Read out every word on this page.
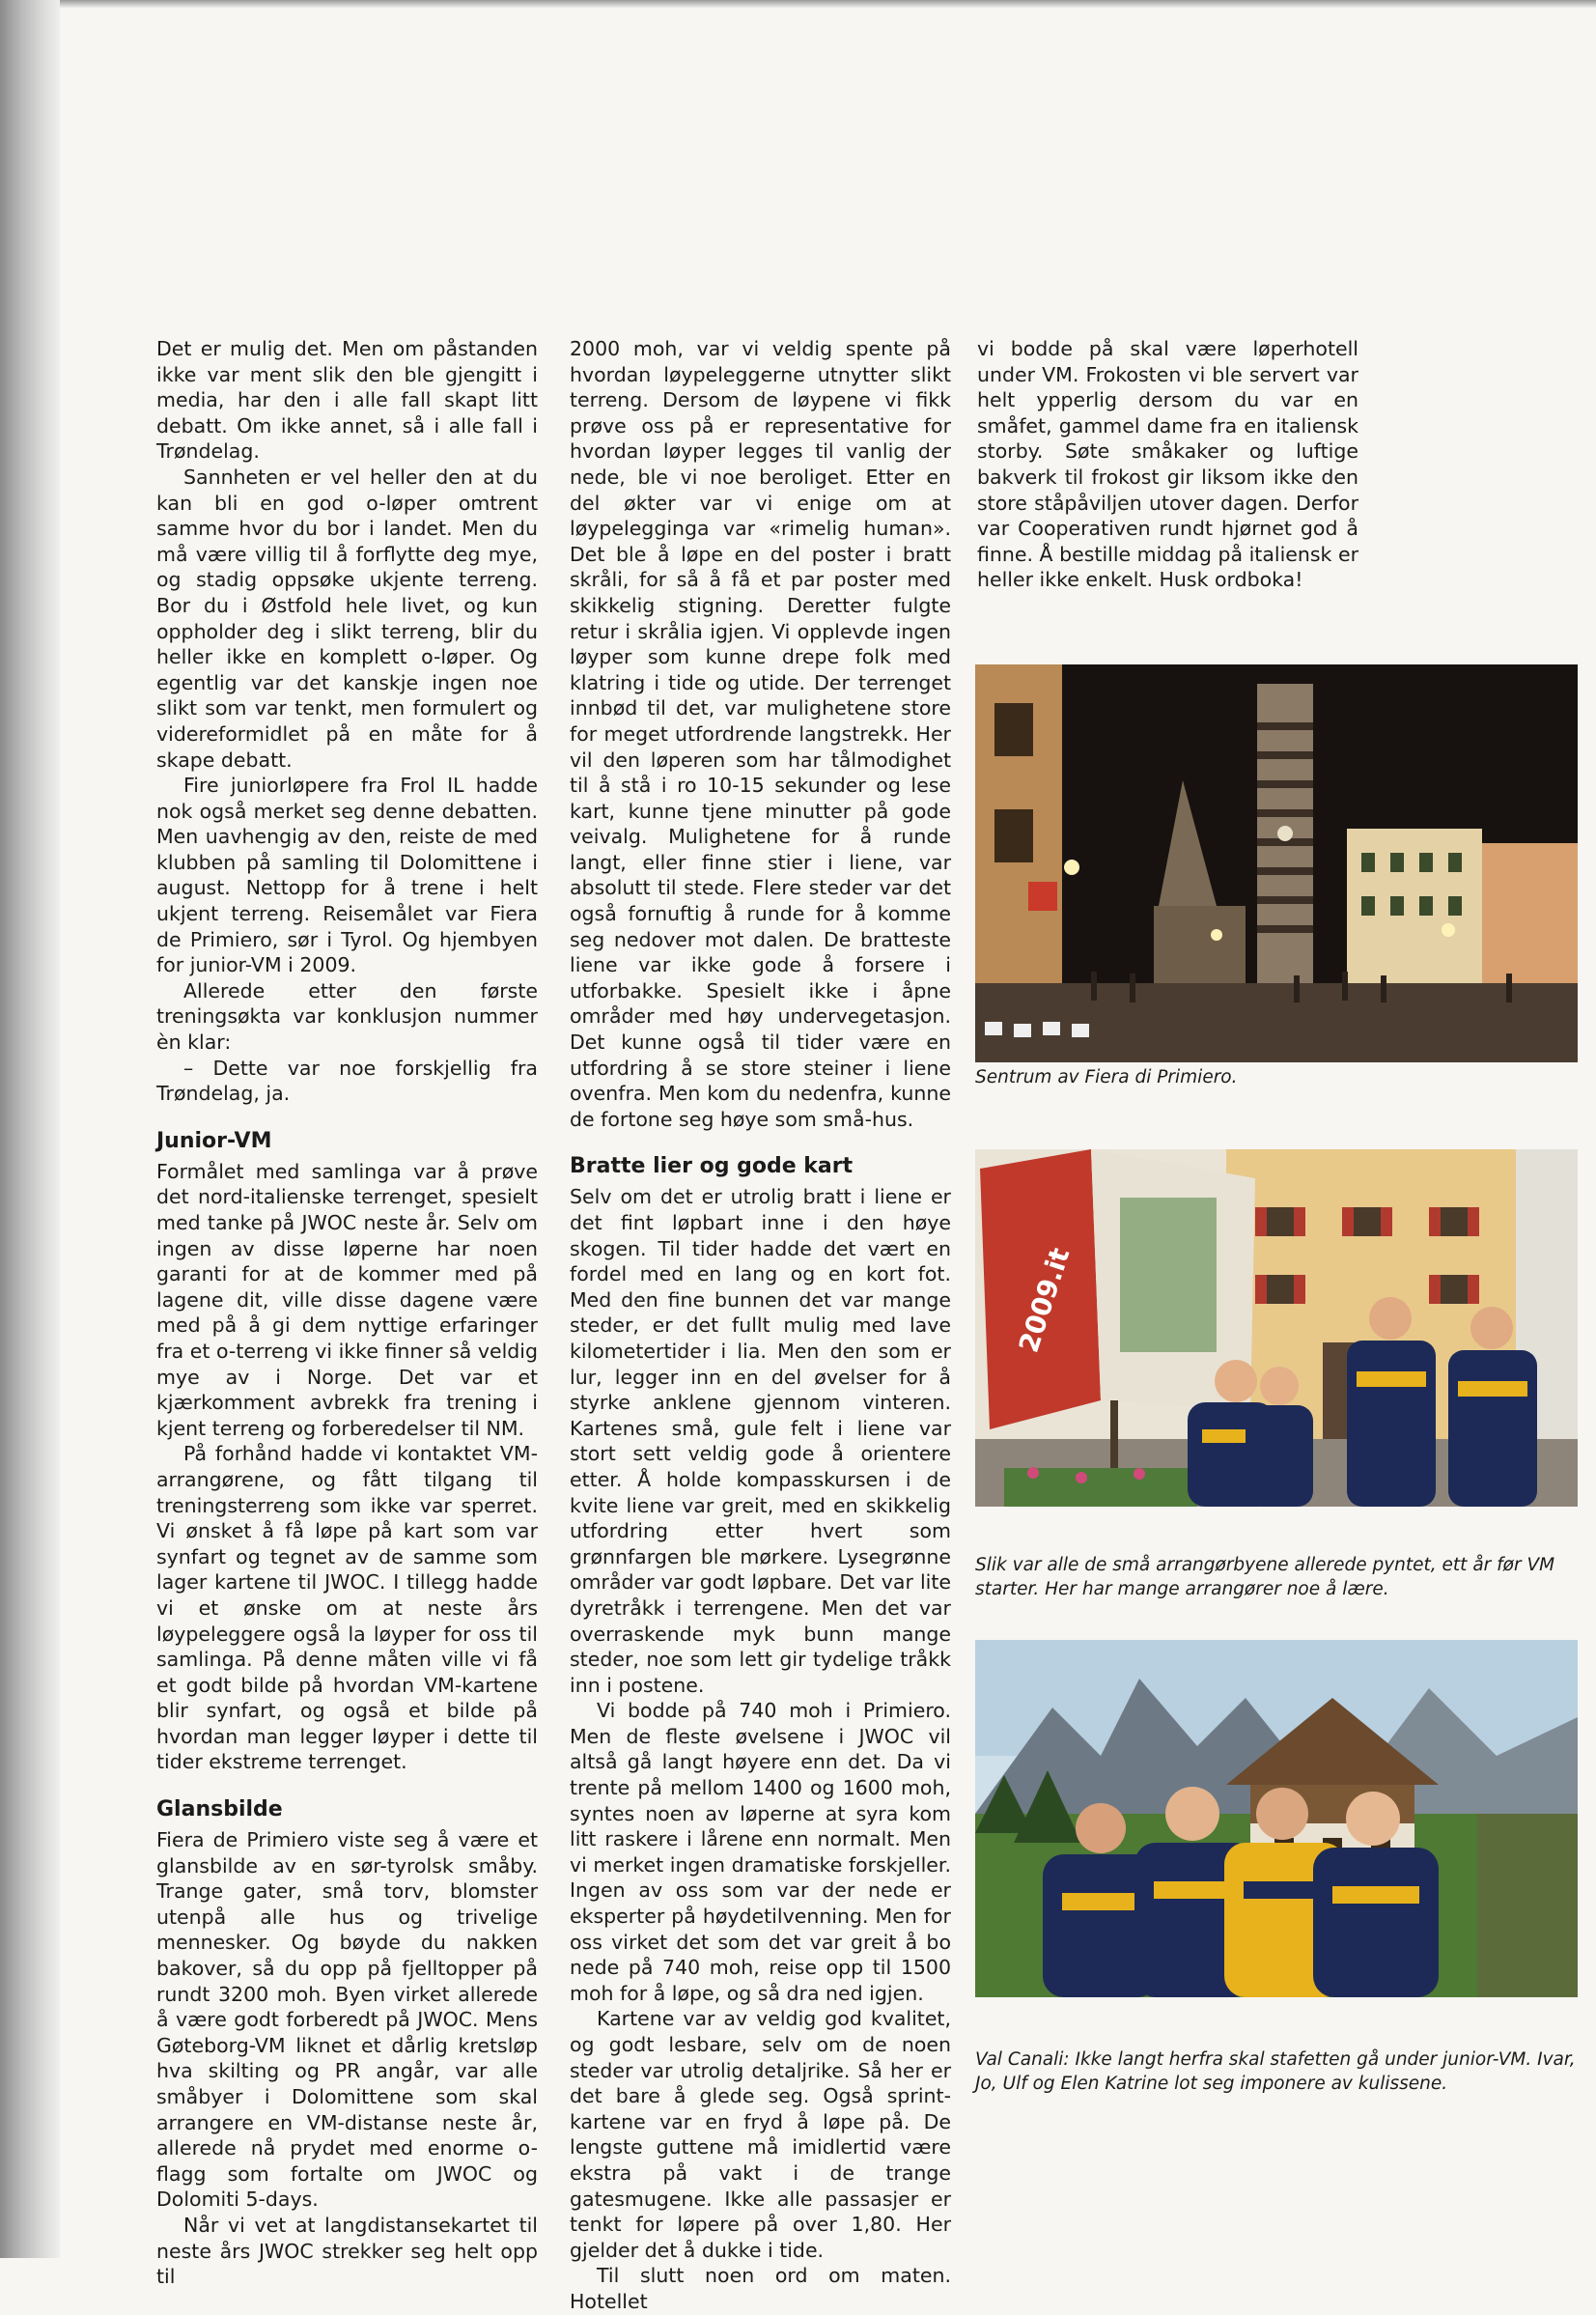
Det er mulig det. Men om påstanden ikke var ment slik den ble gjengitt i media, har den i alle fall skapt litt debatt. Om ikke annet, så i alle fall i Trøndelag.

Sannheten er vel heller den at du kan bli en god o-løper omtrent samme hvor du bor i landet. Men du må være villig til å forflytte deg mye, og stadig oppsøke ukjente terreng. Bor du i Østfold hele livet, og kun oppholder deg i slikt terreng, blir du heller ikke en komplett o-løper. Og egentlig var det kanskje ingen noe slikt som var tenkt, men formulert og videreformidlet på en måte for å skape debatt.

Fire juniorløpere fra Frol IL hadde nok også merket seg denne debatten. Men uavhengig av den, reiste de med klubben på samling til Dolomittene i august. Nettopp for å trene i helt ukjent terreng. Reisemålet var Fiera de Primiero, sør i Tyrol. Og hjembyen for junior-VM i 2009.

Allerede etter den første treningsøkta var konklusjon nummer èn klar:

– Dette var noe forskjellig fra Trøndelag, ja.

Junior-VM

Formålet med samlinga var å prøve det nord-italienske terrenget, spesielt med tanke på JWOC neste år. Selv om ingen av disse løperne har noen garanti for at de kommer med på lagene dit, ville disse dagene være med på å gi dem nyttige erfaringer fra et o-terreng vi ikke finner så veldig mye av i Norge. Det var et kjærkomment avbrekk fra trening i kjent terreng og forberedelser til NM.

På forhånd hadde vi kontaktet VM-arrangørene, og fått tilgang til treningsterreng som ikke var sperret. Vi ønsket å få løpe på kart som var synfart og tegnet av de samme som lager kartene til JWOC. I tillegg hadde vi et ønske om at neste års løypeleggere også la løyper for oss til samlinga. På denne måten ville vi få et godt bilde på hvordan VM-kartene blir synfart, og også et bilde på hvordan man legger løyper i dette til tider ekstreme terrenget.

Glansbilde

Fiera de Primiero viste seg å være et glansbilde av en sør-tyrolsk småby. Trange gater, små torv, blomster utenpå alle hus og trivelige mennesker. Og bøyde du nakken bakover, så du opp på fjelltopper på rundt 3200 moh. Byen virket allerede å være godt forberedt på JWOC. Mens Gøteborg-VM liknet et dårlig kretsløp hva skilting og PR angår, var alle småbyer i Dolomittene som skal arrangere en VM-distanse neste år, allerede nå prydet med enorme o-flagg som fortalte om JWOC og Dolomiti 5-days.

Når vi vet at langdistansekartet til neste års JWOC strekker seg helt opp til

2000 moh, var vi veldig spente på hvordan løypeleggerne utnytter slikt terreng. Dersom de løypene vi fikk prøve oss på er representative for hvordan løyper legges til vanlig der nede, ble vi noe beroliget. Etter en del økter var vi enige om at løypelegginga var «rimelig human». Det ble å løpe en del poster i bratt skråli, for så å få et par poster med skikkelig stigning. Deretter fulgte retur i skrålia igjen. Vi opplevde ingen løyper som kunne drepe folk med klatring i tide og utide. Der terrenget innbød til det, var mulighetene store for meget utfordrende langstrekk. Her vil den løperen som har tålmodighet til å stå i ro 10-15 sekunder og lese kart, kunne tjene minutter på gode veivalg. Mulighetene for å runde langt, eller finne stier i liene, var absolutt til stede. Flere steder var det også fornuftig å runde for å komme seg nedover mot dalen. De bratteste liene var ikke gode å forsere i utforbakke. Spesielt ikke i åpne områder med høy undervegetasjon. Det kunne også til tider være en utfordring å se store steiner i liene ovenfra. Men kom du nedenfra, kunne de fortone seg høye som små-hus.

Bratte lier og gode kart

Selv om det er utrolig bratt i liene er det fint løpbart inne i den høye skogen. Til tider hadde det vært en fordel med en lang og en kort fot. Med den fine bunnen det var mange steder, er det fullt mulig med lave kilometertider i lia. Men den som er lur, legger inn en del øvelser for å styrke anklene gjennom vinteren. Kartenes små, gule felt i liene var stort sett veldig gode å orientere etter. Å holde kompasskursen i de kvite liene var greit, med en skikkelig utfordring etter hvert som grønnfargen ble mørkere. Lysegrønne områder var godt løpbare. Det var lite dyretråkk i terrengene. Men det var overraskende myk bunn mange steder, noe som lett gir tydelige tråkk inn i postene.

Vi bodde på 740 moh i Primiero. Men de fleste øvelsene i JWOC vil altså gå langt høyere enn det. Da vi trente på mellom 1400 og 1600 moh, syntes noen av løperne at syra kom litt raskere i lårene enn normalt. Men vi merket ingen dramatiske forskjeller. Ingen av oss som var der nede er eksperter på høydetilvenning. Men for oss virket det som det var greit å bo nede på 740 moh, reise opp til 1500 moh for å løpe, og så dra ned igjen.

Kartene var av veldig god kvalitet, og godt lesbare, selv om de noen steder var utrolig detaljrike. Så her er det bare å glede seg. Også sprint-kartene var en fryd å løpe på. De lengste guttene må imidlertid være ekstra på vakt i de trange gatesmugene. Ikke alle passasjer er tenkt for løpere på over 1,80. Her gjelder det å dukke i tide.

Til slutt noen ord om maten. Hotellet

vi bodde på skal være løperhotell under VM. Frokosten vi ble servert var helt ypperlig dersom du var en småfet, gammel dame fra en italiensk storby. Søte småkaker og luftige bakverk til frokost gir liksom ikke den store ståpåviljen utover dagen. Derfor var Cooperativen rundt hjørnet god å finne. Å bestille middag på italiensk er heller ikke enkelt. Husk ordboka!

Sentrum av Fiera di Primiero.
2009.it
Slik var alle de små arrangørbyene allerede pyntet, ett år før VM starter. Her har mange arrangører noe å lære.
Val Canali: Ikke langt herfra skal stafetten gå under junior-VM. Ivar, Jo, Ulf og Elen Katrine lot seg imponere av kulissene.
